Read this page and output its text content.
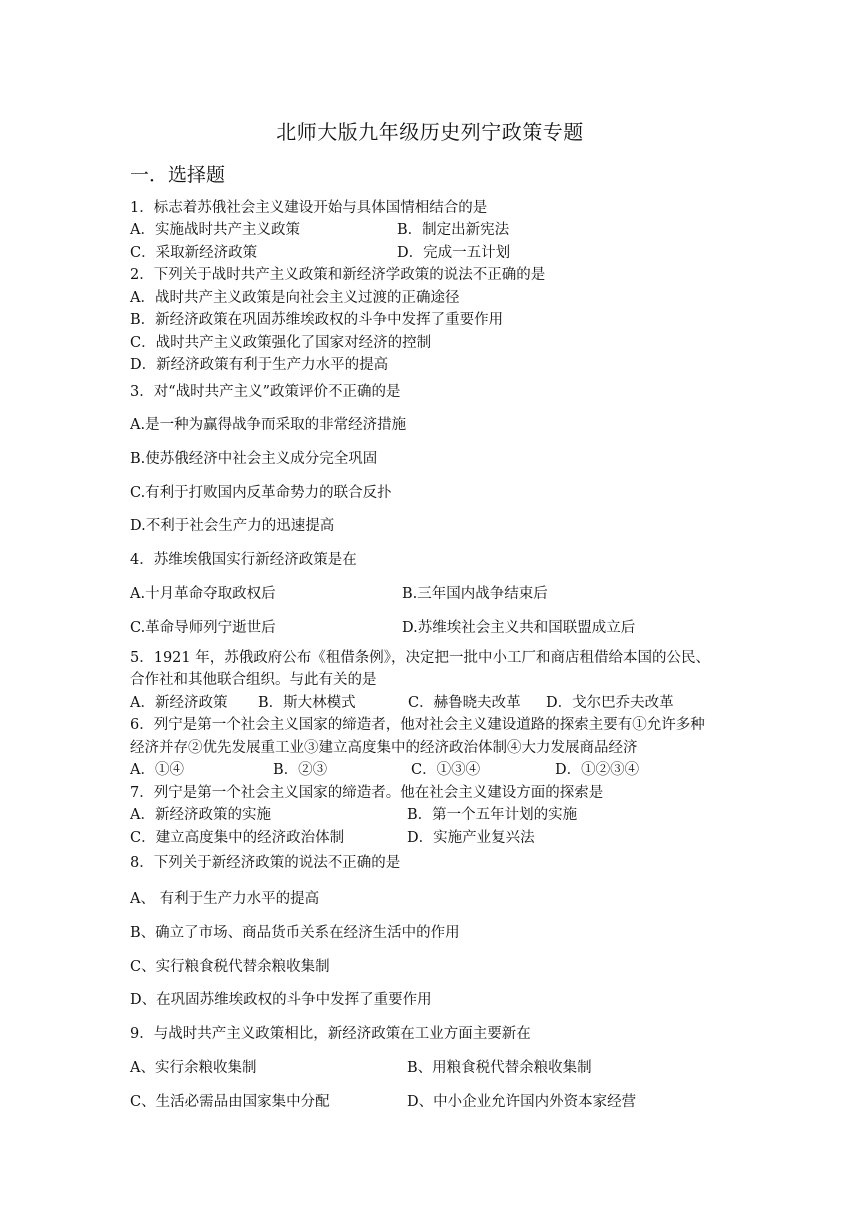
北师大版九年级历史列宁政策专题
一．选择题
1．标志着苏俄社会主义建设开始与具体国情相结合的是
A．实施战时共产主义政策	B．制定出新宪法
C．采取新经济政策	D．完成一五计划
2．下列关于战时共产主义政策和新经济学政策的说法不正确的是
A．战时共产主义政策是向社会主义过渡的正确途径
B．新经济政策在巩固苏维埃政权的斗争中发挥了重要作用
C．战时共产主义政策强化了国家对经济的控制
D．新经济政策有利于生产力水平的提高
3．对“战时共产主义”政策评价不正确的是
A.是一种为赢得战争而采取的非常经济措施
B.使苏俄经济中社会主义成分完全巩固
C.有利于打败国内反革命势力的联合反扑
D.不利于社会生产力的迅速提高
4．苏维埃俄国实行新经济政策是在
A.十月革命夺取政权后	B.三年国内战争结束后
C.革命导师列宁逝世后	D.苏维埃社会主义共和国联盟成立后
5．1921 年，苏俄政府公布《租借条例》，决定把一批中小工厂和商店租借给本国的公民、
合作社和其他联合组织。与此有关的是
A．新经济政策 B．斯大林模式	C．赫鲁晓夫改革 D．戈尔巴乔夫改革
6．列宁是第一个社会主义国家的缔造者，他对社会主义建设道路的探索主要有①允许多种
经济并存②优先发展重工业③建立高度集中的经济政治体制④大力发展商品经济
A．①④	B．②③	C．①③④	D．①②③④
7．列宁是第一个社会主义国家的缔造者。他在社会主义建设方面的探索是
A．新经济政策的实施	B．第一个五年计划的实施
C．建立高度集中的经济政治体制	D．实施产业复兴法
8．下列关于新经济政策的说法不正确的是
A、 有利于生产力水平的提高
B、确立了市场、商品货币关系在经济生活中的作用
C、实行粮食税代替余粮收集制
D、在巩固苏维埃政权的斗争中发挥了重要作用
9．与战时共产主义政策相比，新经济政策在工业方面主要新在
A、实行余粮收集制	B、用粮食税代替余粮收集制
C、生活必需品由国家集中分配	D、中小企业允许国内外资本家经营
